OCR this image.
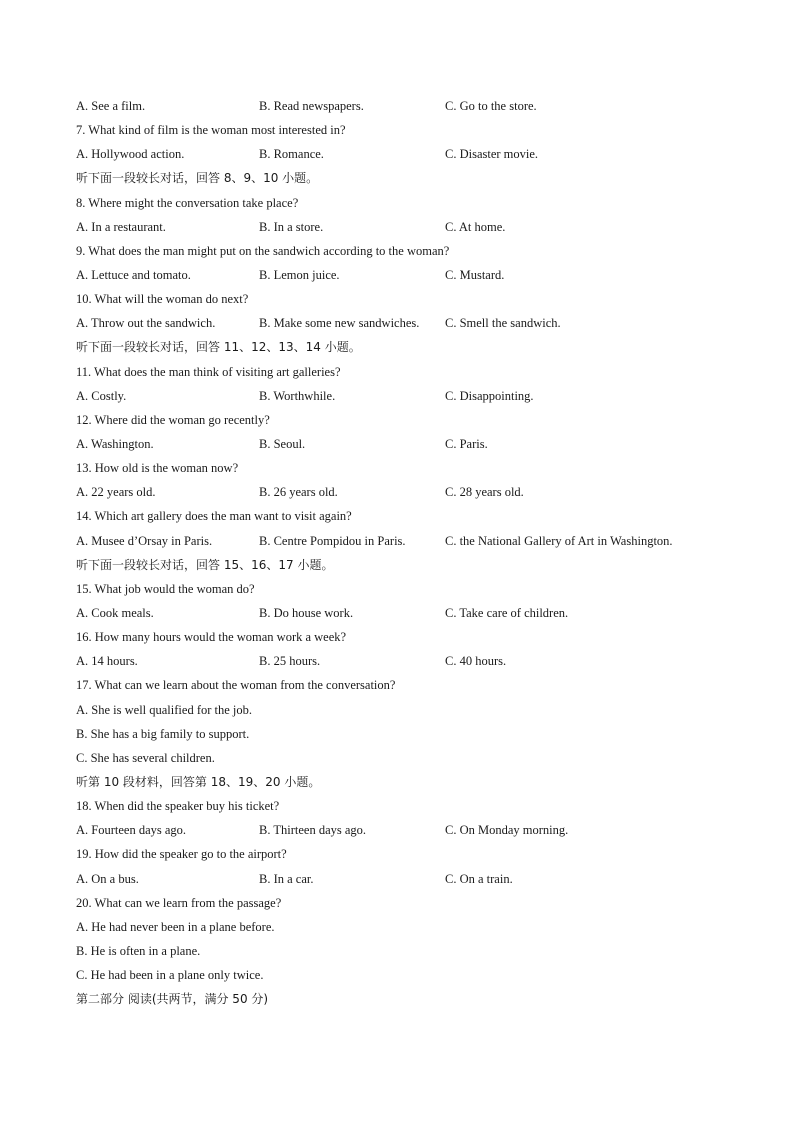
A. See a film.	B. Read newspapers.	C. Go to the store.
7. What kind of film is the woman most interested in?
A. Hollywood action.	B. Romance.	C. Disaster movie.
听下面一段较长对话，回答 8、9、10 小题。
8. Where might the conversation take place?
A. In a restaurant.	B. In a store.	C. At home.
9. What does the man might put on the sandwich according to the woman?
A. Lettuce and tomato.	B. Lemon juice.	C. Mustard.
10. What will the woman do next?
A. Throw out the sandwich.	B. Make some new sandwiches. C. Smell the sandwich.
听下面一段较长对话，回答 11、12、13、14 小题。
11. What does the man think of visiting art galleries?
A. Costly.	B. Worthwhile.	C. Disappointing.
12. Where did the woman go recently?
A. Washington.	B. Seoul.	C. Paris.
13. How old is the woman now?
A. 22 years old.	B. 26 years old.	C. 28 years old.
14. Which art gallery does the man want to visit again?
A. Musee d’Orsay in Paris.	B. Centre Pompidou in Paris.	C. the National Gallery of Art in Washington.
听下面一段较长对话，回答 15、16、17 小题。
15. What job would the woman do?
A. Cook meals.	B. Do house work.	C. Take care of children.
16. How many hours would the woman work a week?
A. 14 hours.	B. 25 hours.	C. 40 hours.
17. What can we learn about the woman from the conversation?
A. She is well qualified for the job.
B. She has a big family to support.
C. She has several children.
听第 10 段材料，回答第 18、19、20 小题。
18. When did the speaker buy his ticket?
A. Fourteen days ago.	B. Thirteen days ago.	C. On Monday morning.
19. How did the speaker go to the airport?
A. On a bus.	B. In a car.	C. On a train.
20. What can we learn from the passage?
A. He had never been in a plane before.
B. He is often in a plane.
C. He had been in a plane only twice.
第二部分 阅读(共两节，满分 50 分)
